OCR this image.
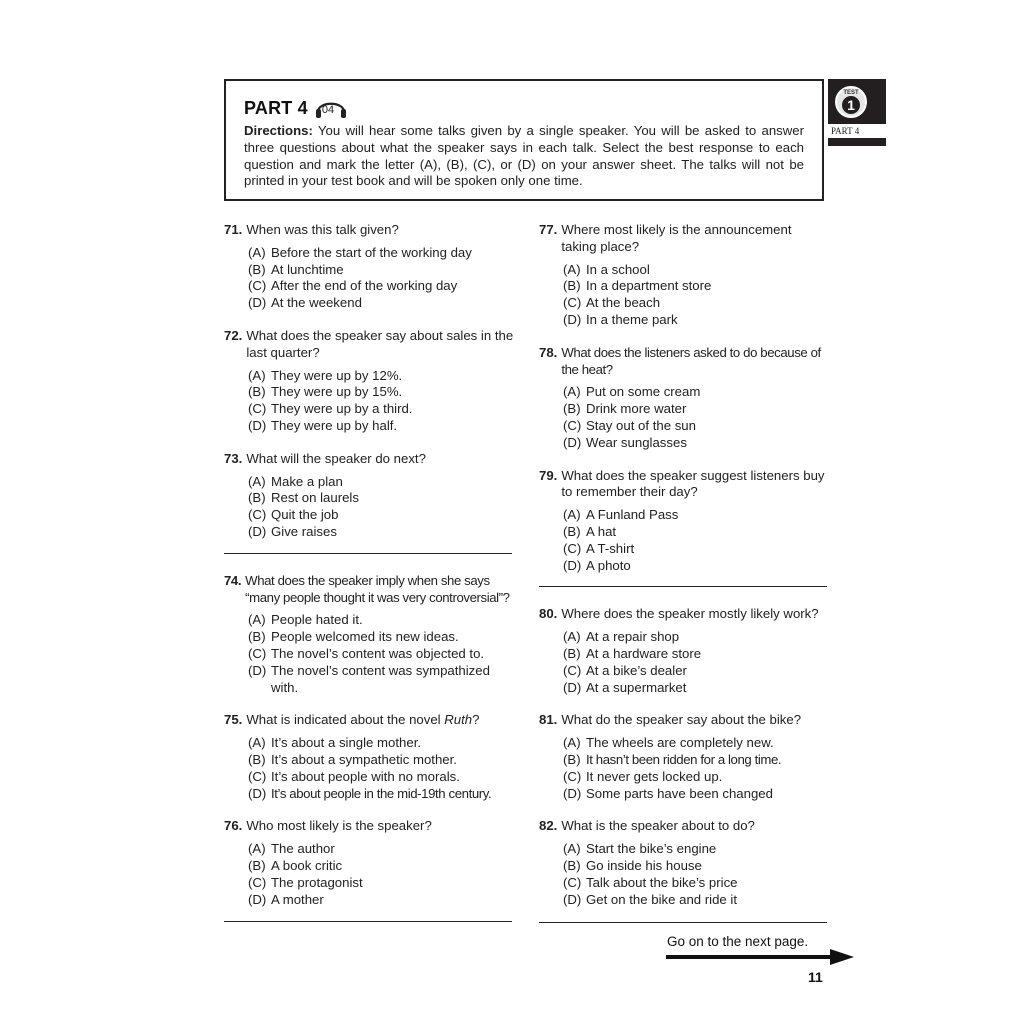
PART 4 04
Directions: You will hear some talks given by a single speaker. You will be asked to answer three questions about what the speaker says in each talk. Select the best response to each question and mark the letter (A), (B), (C), or (D) on your answer sheet. The talks will not be printed in your test book and will be spoken only one time.
TEST
1
PART 4
71. When was this talk given?
(A) Before the start of the working day
(B) At lunchtime
(C) After the end of the working day
(D) At the weekend
72. What does the speaker say about sales in the last quarter?
(A) They were up by 12%.
(B) They were up by 15%.
(C) They were up by a third.
(D) They were up by half.
73. What will the speaker do next?
(A) Make a plan
(B) Rest on laurels
(C) Quit the job
(D) Give raises
74. What does the speaker imply when she says “many people thought it was very controversial”?
(A) People hated it.
(B) People welcomed its new ideas.
(C) The novel’s content was objected to.
(D) The novel’s content was sympathized with.
75. What is indicated about the novel Ruth?
(A) It’s about a single mother.
(B) It’s about a sympathetic mother.
(C) It’s about people with no morals.
(D) It’s about people in the mid-19th century.
76. Who most likely is the speaker?
(A) The author
(B) A book critic
(C) The protagonist
(D) A mother
77. Where most likely is the announcement taking place?
(A) In a school
(B) In a department store
(C) At the beach
(D) In a theme park
78. What does the listeners asked to do because of the heat?
(A) Put on some cream
(B) Drink more water
(C) Stay out of the sun
(D) Wear sunglasses
79. What does the speaker suggest listeners buy to remember their day?
(A) A Funland Pass
(B) A hat
(C) A T-shirt
(D) A photo
80. Where does the speaker mostly likely work?
(A) At a repair shop
(B) At a hardware store
(C) At a bike’s dealer
(D) At a supermarket
81. What do the speaker say about the bike?
(A) The wheels are completely new.
(B) It hasn’t been ridden for a long time.
(C) It never gets locked up.
(D) Some parts have been changed
82. What is the speaker about to do?
(A) Start the bike’s engine
(B) Go inside his house
(C) Talk about the bike’s price
(D) Get on the bike and ride it
Go on to the next page.
11
